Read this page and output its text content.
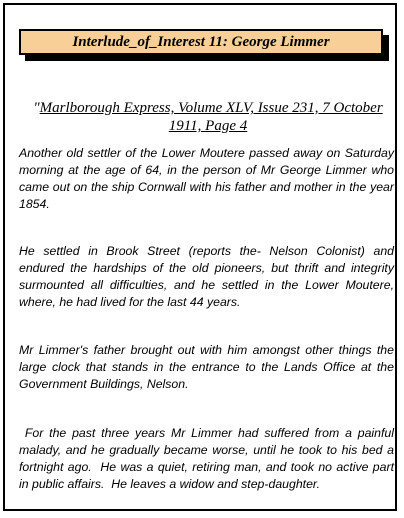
Interlude_of_Interest 11: George Limmer
"Marlborough Express, Volume XLV, Issue 231, 7 October 1911, Page 4
Another old settler of the Lower Moutere passed away on Saturday morning at the age of 64, in the person of Mr George Limmer who came out on the ship Cornwall with his father and mother in the year 1854.
He settled in Brook Street (reports the- Nelson Colonist) and endured the hardships of the old pioneers, but thrift and integrity surmounted all difficulties, and he settled in the Lower Moutere, where, he had lived for the last 44 years.
Mr Limmer's father brought out with him amongst other things the large clock that stands in the entrance to the Lands Office at the Government Buildings, Nelson.
For the past three years Mr Limmer had suffered from a painful malady, and he gradually became worse, until he took to his bed a fortnight ago.  He was a quiet, retiring man, and took no active part in public affairs.  He leaves a widow and step-daughter.
